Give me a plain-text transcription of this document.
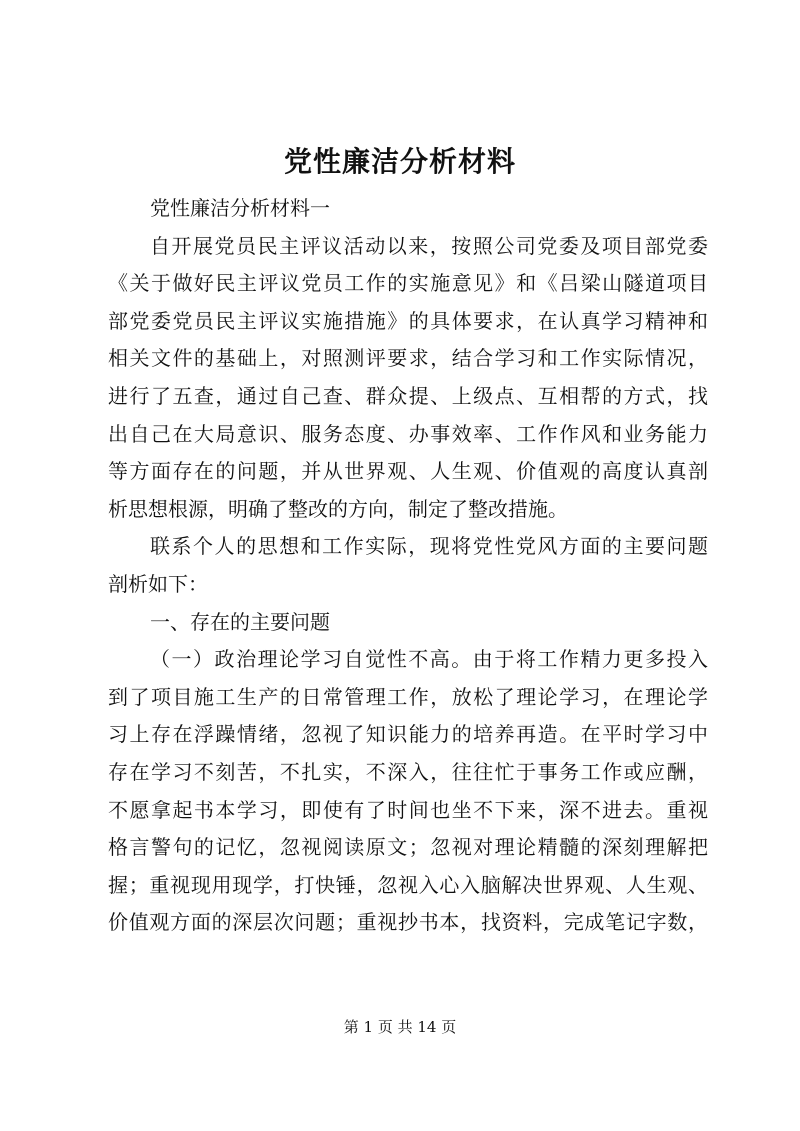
党性廉洁分析材料
党性廉洁分析材料一
自开展党员民主评议活动以来，按照公司党委及项目部党委
《关于做好民主评议党员工作的实施意见》和《吕梁山隧道项目
部党委党员民主评议实施措施》的具体要求，在认真学习精神和
相关文件的基础上，对照测评要求，结合学习和工作实际情况，
进行了五查，通过自己查、群众提、上级点、互相帮的方式，找
出自己在大局意识、服务态度、办事效率、工作作风和业务能力
等方面存在的问题，并从世界观、人生观、价值观的高度认真剖
析思想根源，明确了整改的方向，制定了整改措施。
联系个人的思想和工作实际，现将党性党风方面的主要问题
剖析如下：
一、存在的主要问题
（一）政治理论学习自觉性不高。由于将工作精力更多投入
到了项目施工生产的日常管理工作，放松了理论学习，在理论学
习上存在浮躁情绪，忽视了知识能力的培养再造。在平时学习中
存在学习不刻苦，不扎实，不深入，往往忙于事务工作或应酬，
不愿拿起书本学习，即使有了时间也坐不下来，深不进去。重视
格言警句的记忆，忽视阅读原文；忽视对理论精髓的深刻理解把
握；重视现用现学，打快锤，忽视入心入脑解决世界观、人生观、
价值观方面的深层次问题；重视抄书本，找资料，完成笔记字数，
第 1 页 共 14 页
